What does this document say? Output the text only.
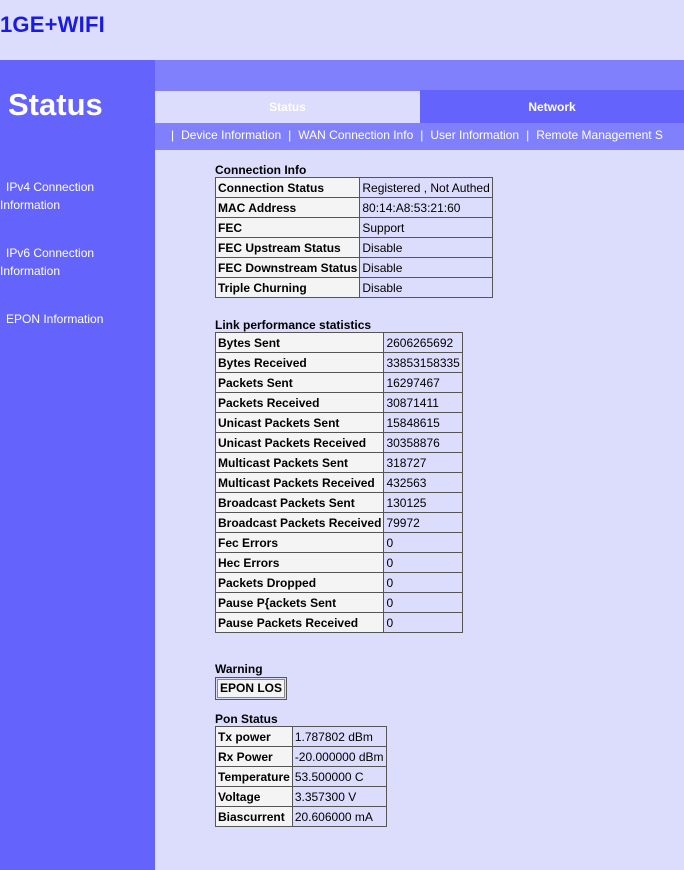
1GE+WIFI
Status
IPv4 Connection Information
IPv6 Connection Information
EPON Information
Status	Network
| Device Information | WAN Connection Info | User Information | Remote Management S
Connection Info
Connection Status	Registered , Not Authed
MAC Address	80:14:A8:53:21:60
FEC	Support
FEC Upstream Status	Disable
FEC Downstream Status	Disable
Triple Churning	Disable
Link performance statistics
Bytes Sent	2606265692
Bytes Received	33853158335
Packets Sent	16297467
Packets Received	30871411
Unicast Packets Sent	15848615
Unicast Packets Received	30358876
Multicast Packets Sent	318727
Multicast Packets Received	432563
Broadcast Packets Sent	130125
Broadcast Packets Received	79972
Fec Errors	0
Hec Errors	0
Packets Dropped	0
Pause P{ackets Sent	0
Pause Packets Received	0
Warning
EPON LOS
Pon Status
Tx power	1.787802 dBm
Rx Power	-20.000000 dBm
Temperature	53.500000 C
Voltage	3.357300 V
Biascurrent	20.606000 mA
